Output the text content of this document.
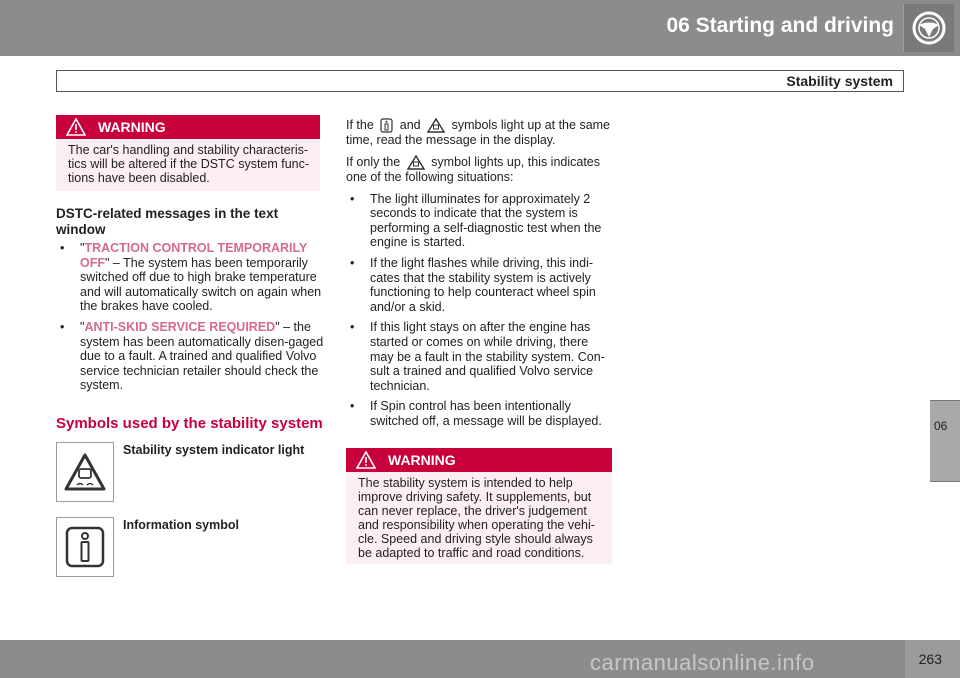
06 Starting and driving
Stability system
06
WARNING
The car's handling and stability characteris-tics will be altered if the DSTC system func-tions have been disabled.
DSTC-related messages in the text window
• "TRACTION CONTROL TEMPORARILY OFF" – The system has been temporarily switched off due to high brake temperature and will automatically switch on again when the brakes have cooled.
• "ANTI-SKID SERVICE REQUIRED" – the system has been automatically disen-gaged due to a fault. A trained and qualified Volvo service technician retailer should check the system.
Symbols used by the stability system
Stability system indicator light
Information symbol

If the and symbols light up at the same time, read the message in the display.

If only the symbol lights up, this indicates one of the following situations:

• The light illuminates for approximately 2 seconds to indicate that the system is performing a self-diagnostic test when the engine is started.
• If the light flashes while driving, this indi-cates that the stability system is actively functioning to help counteract wheel spin and/or a skid.
• If this light stays on after the engine has started or comes on while driving, there may be a fault in the stability system. Con-sult a trained and qualified Volvo service technician.
• If Spin control has been intentionally switched off, a message will be displayed.
WARNING
The stability system is intended to help improve driving safety. It supplements, but can never replace, the driver's judgement and responsibility when operating the vehi-cle. Speed and driving style should always be adapted to traffic and road conditions.
carmanualsonline.info	263
